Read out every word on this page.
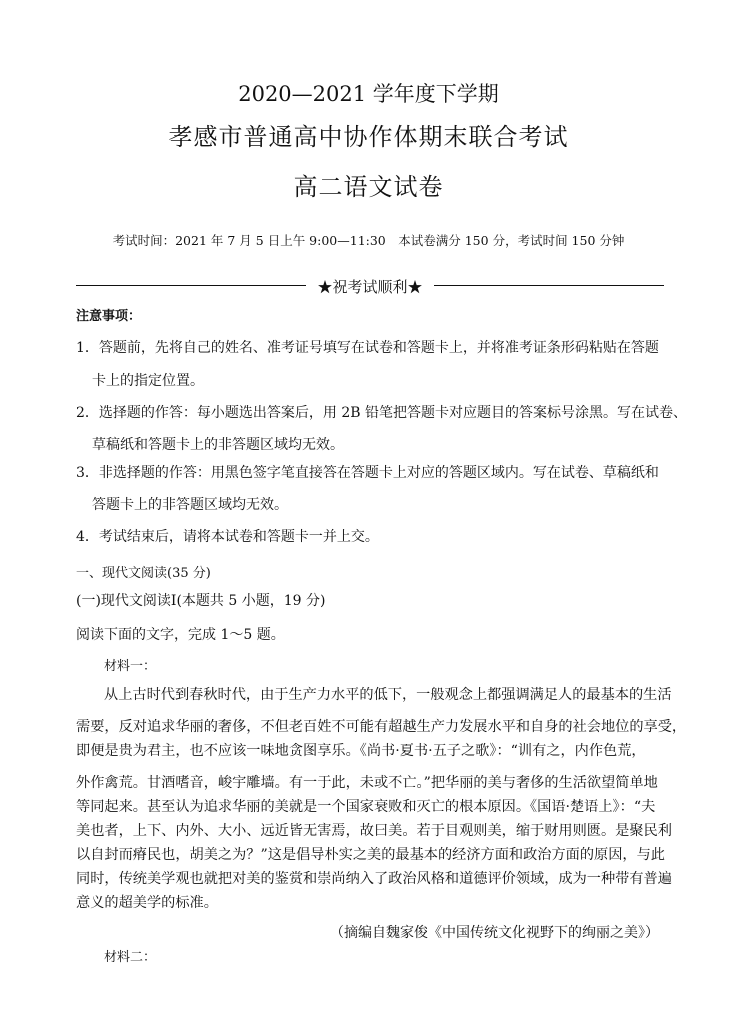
2020—2021 学年度下学期

孝感市普通高中协作体期末联合考试

高二语文试卷

考试时间：2021 年 7 月 5 日上午 9:00—11:30　本试卷满分 150 分，考试时间 150 分钟

★祝考试顺利★

注意事项：

1．答题前，先将自己的姓名、准考证号填写在试卷和答题卡上，并将准考证条形码粘贴在答题

卡上的指定位置。

2．选择题的作答：每小题选出答案后，用 2B 铅笔把答题卡对应题目的答案标号涂黑。写在试卷、

草稿纸和答题卡上的非答题区域均无效。

3．非选择题的作答：用黑色签字笔直接答在答题卡上对应的答题区域内。写在试卷、草稿纸和

答题卡上的非答题区域均无效。

4．考试结束后，请将本试卷和答题卡一并上交。

一、现代文阅读(35 分)

(一)现代文阅读Ⅰ(本题共 5 小题，19 分)

阅读下面的文字，完成 1～5 题。

材料一：

从上古时代到春秋时代，由于生产力水平的低下，一般观念上都强调满足人的最基本的生活

需要，反对追求华丽的奢侈，不但老百姓不可能有超越生产力发展水平和自身的社会地位的享受，

即便是贵为君主，也不应该一味地贪图享乐。《尚书·夏书·五子之歌》：“训有之，内作色荒，

外作禽荒。甘酒嗜音，峻宇雕墙。有一于此，未或不亡。”把华丽的美与奢侈的生活欲望简单地

等同起来。甚至认为追求华丽的美就是一个国家衰败和灭亡的根本原因。《国语·楚语上》：“夫

美也者，上下、内外、大小、远近皆无害焉，故曰美。若于目观则美，缩于财用则匮。是聚民利

以自封而瘠民也，胡美之为？”这是倡导朴实之美的最基本的经济方面和政治方面的原因，与此

同时，传统美学观也就把对美的鉴赏和崇尚纳入了政治风格和道德评价领域，成为一种带有普遍

意义的超美学的标准。

（摘编自魏家俊《中国传统文化视野下的绚丽之美》）

材料二：
